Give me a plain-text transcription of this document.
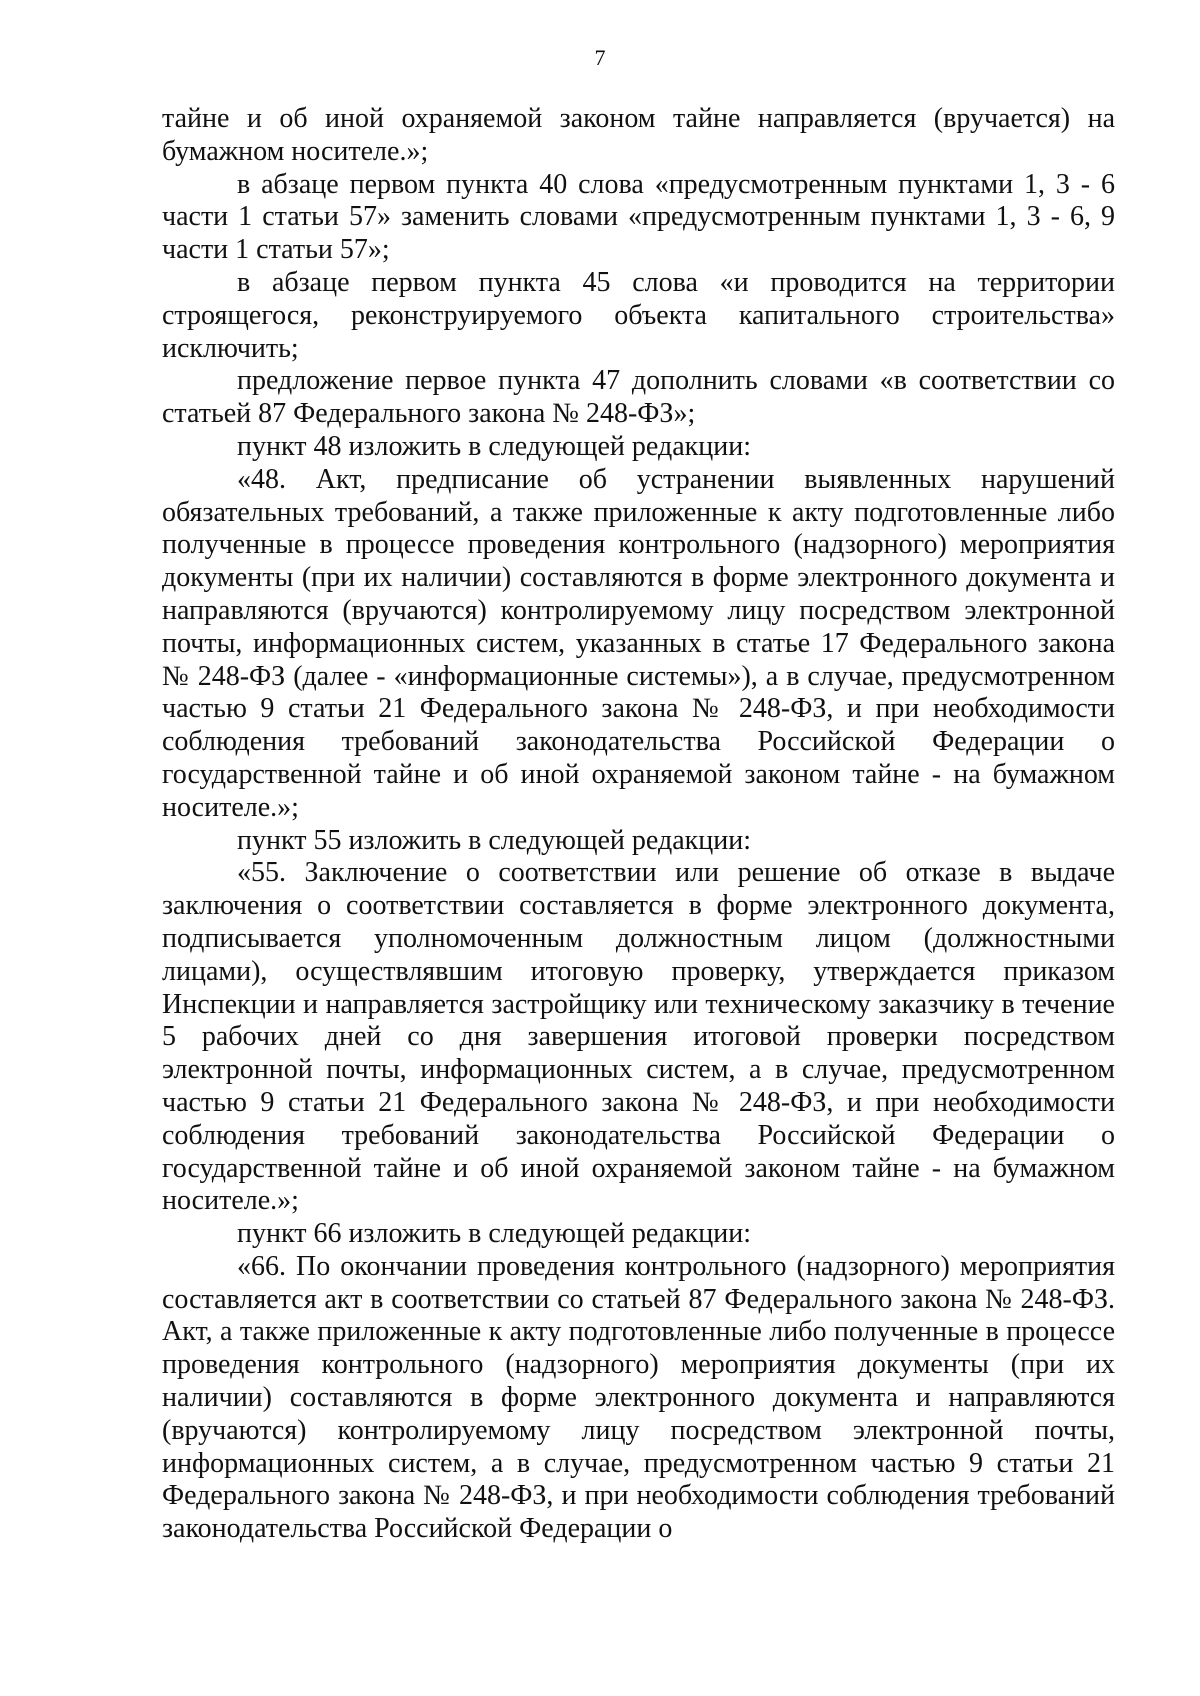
7

тайне и об иной охраняемой законом тайне направляется (вручается) на бумажном носителе.»;

в абзаце первом пункта 40 слова «предусмотренным пунктами 1, 3 - 6 части 1 статьи 57» заменить словами «предусмотренным пунктами 1, 3 - 6, 9 части 1 статьи 57»;

в абзаце первом пункта 45 слова «и проводится на территории строящегося, реконструируемого объекта капитального строительства» исключить;

предложение первое пункта 47 дополнить словами «в соответствии со статьей 87 Федерального закона № 248-ФЗ»;

пункт 48 изложить в следующей редакции:

«48. Акт, предписание об устранении выявленных нарушений обязательных требований, а также приложенные к акту подготовленные либо полученные в процессе проведения контрольного (надзорного) мероприятия документы (при их наличии) составляются в форме электронного документа и направляются (вручаются) контролируемому лицу посредством электронной почты, информационных систем, указанных в статье 17 Федерального закона № 248-ФЗ (далее - «информационные системы»), а в случае, предусмотренном частью 9 статьи 21 Федерального закона № 248-ФЗ, и при необходимости соблюдения требований законодательства Российской Федерации о государственной тайне и об иной охраняемой законом тайне - на бумажном носителе.»;

пункт 55 изложить в следующей редакции:

«55. Заключение о соответствии или решение об отказе в выдаче заключения о соответствии составляется в форме электронного документа, подписывается уполномоченным должностным лицом (должностными лицами), осуществлявшим итоговую проверку, утверждается приказом Инспекции и направляется застройщику или техническому заказчику в течение 5 рабочих дней со дня завершения итоговой проверки посредством электронной почты, информационных систем, а в случае, предусмотренном частью 9 статьи 21 Федерального закона № 248-ФЗ, и при необходимости соблюдения требований законодательства Российской Федерации о государственной тайне и об иной охраняемой законом тайне - на бумажном носителе.»;

пункт 66 изложить в следующей редакции:

«66. По окончании проведения контрольного (надзорного) мероприятия составляется акт в соответствии со статьей 87 Федерального закона № 248-ФЗ. Акт, а также приложенные к акту подготовленные либо полученные в процессе проведения контрольного (надзорного) мероприятия документы (при их наличии) составляются в форме электронного документа и направляются (вручаются) контролируемому лицу посредством электронной почты, информационных систем, а в случае, предусмотренном частью 9 статьи 21 Федерального закона № 248-ФЗ, и при необходимости соблюдения требований законодательства Российской Федерации о
